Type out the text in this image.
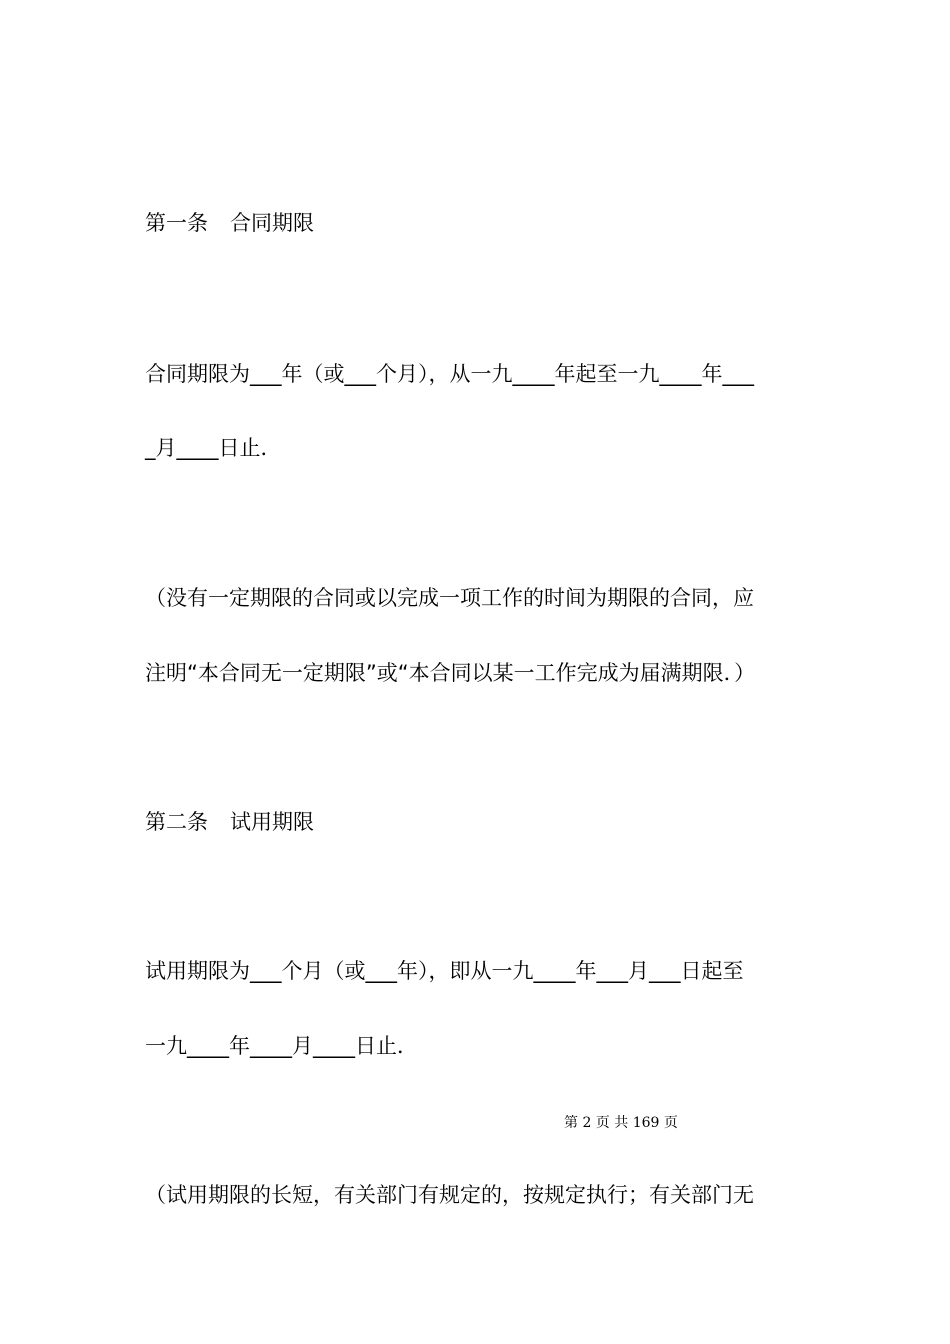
第一条 合同期限
合同期限为___年（或___个月），从一九____年起至一九____年___
_月____日止．
（没有一定期限的合同或以完成一项工作的时间为期限的合同，应
注明“本合同无一定期限”或“本合同以某一工作完成为届满期限．）
第二条 试用期限
试用期限为___个月（或___年），即从一九____年___月___日起至
一九____年____月____日止．
第 2 页 共 169 页
（试用期限的长短，有关部门有规定的，按规定执行；有关部门无
